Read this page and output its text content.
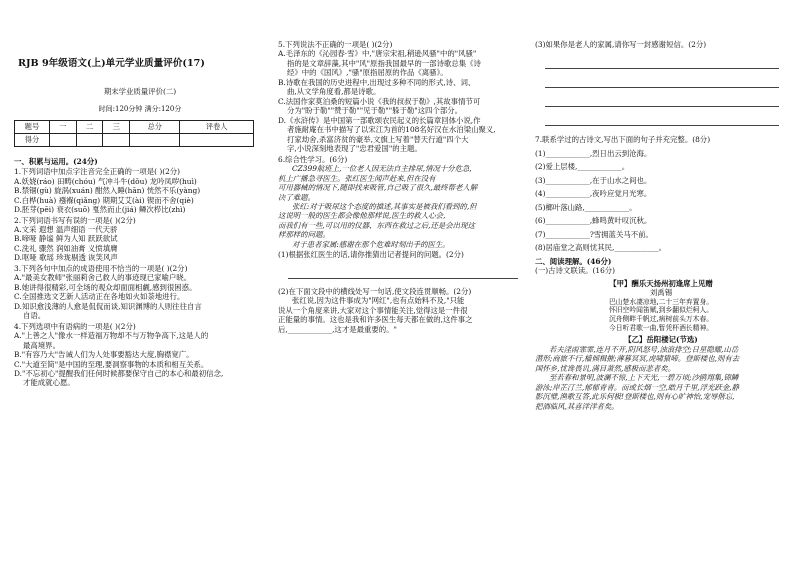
RJB 9年级语文(上)单元学业质量评价(17)
期末学业质量评价(二)
时间:120分钟 满分:120分
题号	一	二	三	总分	评卷人
得分					
一、积累与运用。(24分)
1.下列词语中加点字注音完全正确的一项是( )(2分)
A.妖娆(ráo) 田畴(chóu) 气冲斗牛(dǒu) 龙吟凤哕(huì)
B.禁锢(gù) 旋涡(xuán) 酣然入睡(hān) 恍然不乐(yàng)
C.白桦(huà) 襁褓(qiǎng) 期期艾艾(ài) 锲而不舍(qiè)
D.胚芽(pēi) 衰衣(suō) 戛然而止(jiá) 鳞次栉比(zhì)
2.下列词语书写有误的一项是( )(2分)
A.文采 遐想 温声细语 一代天骄
B.啼哑 静谧 鲜为人知 跃跃欲试
C.洗礼 骤然 润如油膏 义愤填膺
D.呕哑 歌瑶 珍珑剔透 诙笑风声
3.下列各句中加点的成语使用不恰当的一项是( )(2分)
A."最美女教师"张丽莉舍己救人的事迹现已家喻户晓。
B.她讲得很精彩,可全场的观众却面面相觑,感到很困惑。
C.全国推选文艺新人活动正在各地如火如荼地进行。
D.知识愈浅薄的人愈是侃侃而谈,知识渊博的人则往往自言
自语。
4.下列选项中有语病的一项是( )(2分)
A."上善之人"像水一样造福万物却不与万物争高下,这是人的
最高境界。
B."有容乃大"告诫人们为人处事要豁达大度,胸襟宽广。
C."大道至简"是中国的至理,要洞察事物的本质和相互关系。
D."不忘初心"提醒我们任何时候都要保守自己的本心和最初信念,
才能成就心愿。
5.下列说法不正确的一项是( )(2分)
A.毛泽东的《沁园春·雪》中,"唐宗宋祖,稍逊风骚"中的"风骚"
指的是文章辞藻,其中"风"原指我国最早的一部诗歌总集《诗
经》中的《国风》,"骚"原指屈原的作品《离骚》。
B.诗歌在我国的历史进程中,出现过多种不同的形式,诗、词、
曲,从文学角度看,都是诗歌。
C.法国作家莫泊桑的短篇小说《我的叔叔于勒》,其故事情节可
分为"盼于勒""赞于勒""见于勒""躲于勒"这四个部分。
D.《水浒传》是中国第一部歌颂农民起义的长篇章回体小说,作
者施耐庵在书中描写了以宋江为首的108名好汉在水泊梁山聚义,
打家劫舍,杀富济贫的豪举,文旗上写着"替天行道"四个大
字,小说深刻地表现了"忠君爱国"的主题。
6.综合性学习。(6分)
CZ399航班上,一位老人因无法自主排尿,情况十分危急,
机上广播急寻医生。张红医生闻声赶来,但在没有
可用器械的情况下,随即找来吸管,自己吸了很久,最终帮老人解
决了难题。
张红:对于吸尿这个态度的描述,其事实是被我们看到的,但
这说明一般的医生都会像他那样说,医生的救人心会,
而我们有一些,可以用的仪器、东西在救过之后,还是会出现这
样那样的问题。
对于患者家属:感谢在那个危难时刻出手的医生。
(1)根据张红医生的话,请你推猜出记者提问的问题。(2分)
(2)在下面文段中的横线处写一句话,使文段连贯顺畅。(2分)
张红说,因为这件事成为"网红",也有点始料不及,"只能
说从一个角度来讲,大家对这个事情能关注,觉得这是一件很
正能量的事情。这也是我和许多医生每天都在做的,这件事之
后,____________,这才是最重要的。"
(3)如果你是老人的家属,请你写一封感谢短信。(2分)
7.联系学过的古诗文,写出下面的句子并充完整。(8分)
(1)____________,烈日出云到沧海。
(2)爱上层楼,____________。
(3)____________,在于山水之间也。
(4)____________,夜吟应觉月光寒。
(5)榔叶落山路,____________。
(6)____________,蜂鸣黄叶叹沉秋。
(7)____________?雪拥蓝关马不前。
(8)居庙堂之高则忧其民,____________。
二、阅读理解。(46分)
(一)古诗文联读。(16分)
【甲】酬乐天扬州初逢席上见赠
刘禹锡
巴山楚水凄凉地,二十三年弃置身。
怀旧空吟闻笛赋,到乡翻似烂柯人。
沉舟侧畔千帆过,病树前头万木春。
今日听君歌一曲,暂凭杯酒长精神。
【乙】岳阳楼记(节选)
若夫淫雨霏霏,连月不开,阴风怒号,浊浪排空;日星隐耀,山岳
潜形;商旅不行,樯倾楫摧;薄暮冥冥,虎啸猿啼。登斯楼也,则有去
国怀乡,忧谗畏讥,满目萧然,感极而悲者矣。
至若春和景明,波澜不惊,上下天光,一碧万顷;沙鸥翔集,锦鳞
游泳;岸芷汀兰,郁郁青青。而或长烟一空,皓月千里,浮光跃金,静
影沉璧,渔歌互答,此乐何极!登斯楼也,则有心旷神怡,宠辱偕忘,
把酒临风,其喜洋洋者矣。
